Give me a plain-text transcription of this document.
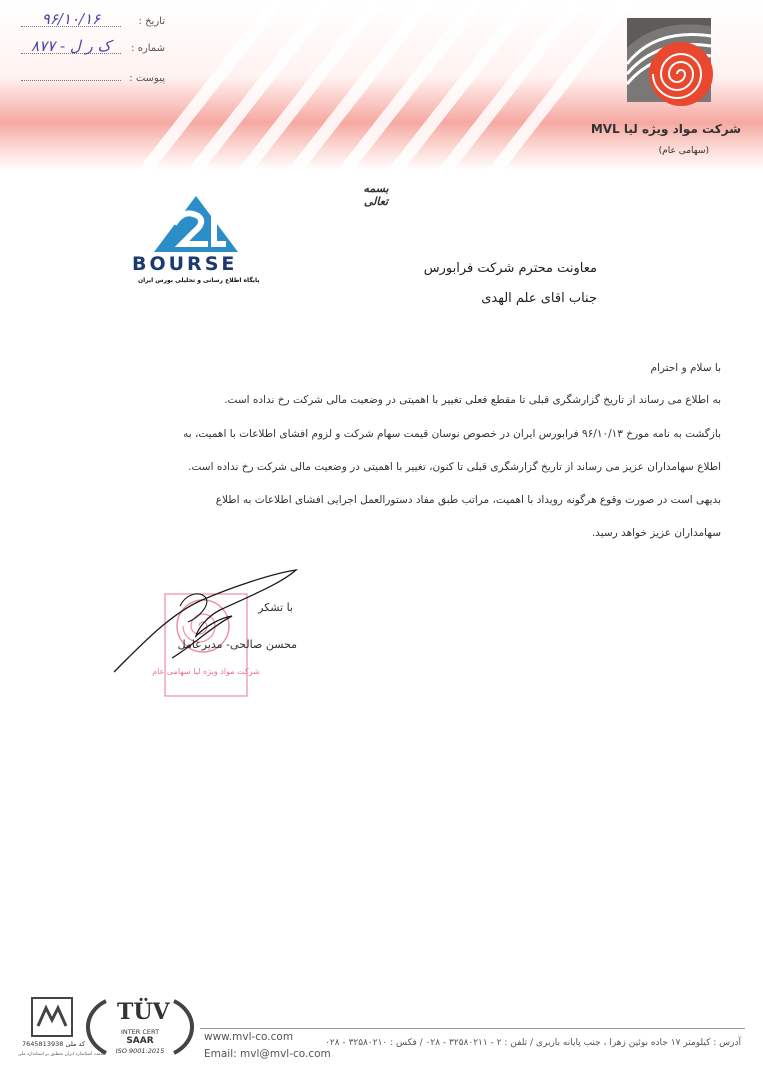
تاریخ :
۹۶/۱۰/۱۶
شماره :
۸۷۷ - ک ر ل
پیوست :
شرکت مواد ویژه لیا MVL
(سهامی عام)
بسمه تعالی
BOURSE
پایگاه اطلاع رسانی و تحلیلی بورس ایران
معاونت محترم شرکت فرابورس
جناب اقای علم الهدی
با سلام و احترام
به اطلاع می رساند از تاریخ گزارشگری قبلی تا مقطع فعلی تغییر با اهمیتی در وضعیت مالی شرکت رخ نداده است.
بازگشت به نامه مورخ ۹۶/۱۰/۱۳ فرابورس ایران در خصوص نوسان قیمت سهام شرکت و لزوم افشای اطلاعات با اهمیت، به
اطلاع سهامداران عزیز می رساند از تاریخ گزارشگری قبلی تا کنون، تغییر با اهمیتی در وضعیت مالی شرکت رخ نداده است.
بدیهی است در صورت وقوع هرگونه رویداد با اهمیت، مراتب طبق مفاد دستورالعمل اجرایی افشای اطلاعات به اطلاع
سهامداران عزیز خواهد رسید.
شرکت مواد ویژه لیا سهامی عام
با تشکر
محسن صالحی- مدیرعامل
7645813938 کد ملی
علامت استاندارد ایران منطبق بر استاندارد ملی
TÜV
INTER CERT
SAAR
ISO 9001:2015
www.mvl-co.com
Email: mvl@mvl-co.com
آدرس : کیلومتر ۱۷ جاده بوئین زهرا ، جنب پایانه باربری / تلفن : ۲ - ۳۲۵۸۰۲۱۱ - ۰۲۸ / فکس : ۳۲۵۸۰۲۱۰ - ۰۲۸
